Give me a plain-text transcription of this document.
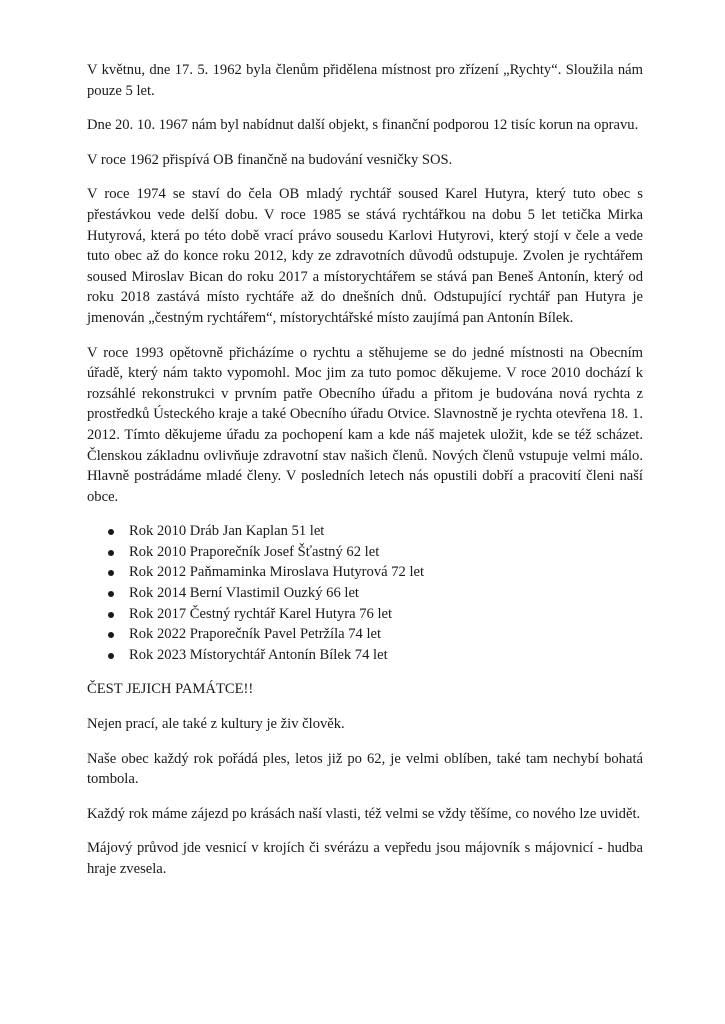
V květnu, dne 17. 5. 1962 byla členům přidělena místnost pro zřízení „Rychty“. Sloužila nám pouze 5 let.

Dne 20. 10. 1967 nám byl nabídnut další objekt, s finanční podporou 12 tisíc korun na opravu.

V roce 1962 přispívá OB finančně na budování vesničky SOS.

V roce 1974 se staví do čela OB mladý rychtář soused Karel Hutyra, který tuto obec s přestávkou vede delší dobu. V roce 1985 se stává rychtářkou na dobu 5 let tetička Mirka Hutyrová, která po této době vrací právo sousedu Karlovi Hutyrovi, který stojí v čele a vede tuto obec až do konce roku 2012, kdy ze zdravotních důvodů odstupuje. Zvolen je rychtářem soused Miroslav Bican do roku 2017 a místorychtářem se stává pan Beneš Antonín, který od roku 2018 zastává místo rychtáře až do dnešních dnů. Odstupující rychtář pan Hutyra je jmenován „čestným rychtářem“, místorychtářské místo zaujímá pan Antonín Bílek.

V roce 1993 opětovně přicházíme o rychtu a stěhujeme se do jedné místnosti na Obecním úřadě, který nám takto vypomohl. Moc jim za tuto pomoc děkujeme. V roce 2010 dochází k rozsáhlé rekonstrukci v prvním patře Obecního úřadu a přitom je budována nová rychta z prostředků Ústeckého kraje a také Obecního úřadu Otvice. Slavnostně je rychta otevřena 18. 1. 2012. Tímto děkujeme úřadu za pochopení kam a kde náš majetek uložit, kde se též scházet. Členskou základnu ovlivňuje zdravotní stav našich členů. Nových členů vstupuje velmi málo. Hlavně postrádáme mladé členy. V posledních letech nás opustili dobří a pracovití členi naší obce.

Rok 2010 Dráb Jan Kaplan 51 let
Rok 2010 Praporečník Josef Šťastný 62 let
Rok 2012 Paňmaminka Miroslava Hutyrová 72 let
Rok 2014 Berní Vlastimil Ouzký 66 let
Rok 2017 Čestný rychtář Karel Hutyra 76 let
Rok 2022 Praporečník Pavel Petržíla 74 let
Rok 2023 Místorychtář Antonín Bílek 74 let

ČEST JEJICH PAMÁTCE!!

Nejen prací, ale také z kultury je živ člověk.

Naše obec každý rok pořádá ples, letos již po 62, je velmi oblíben, také tam nechybí bohatá tombola.

Každý rok máme zájezd po krásách naší vlasti, též velmi se vždy těšíme, co nového lze uvidět.

Májový průvod jde vesnicí v krojích či svérázu a vepředu jsou májovník s májovnicí - hudba hraje zvesela.
